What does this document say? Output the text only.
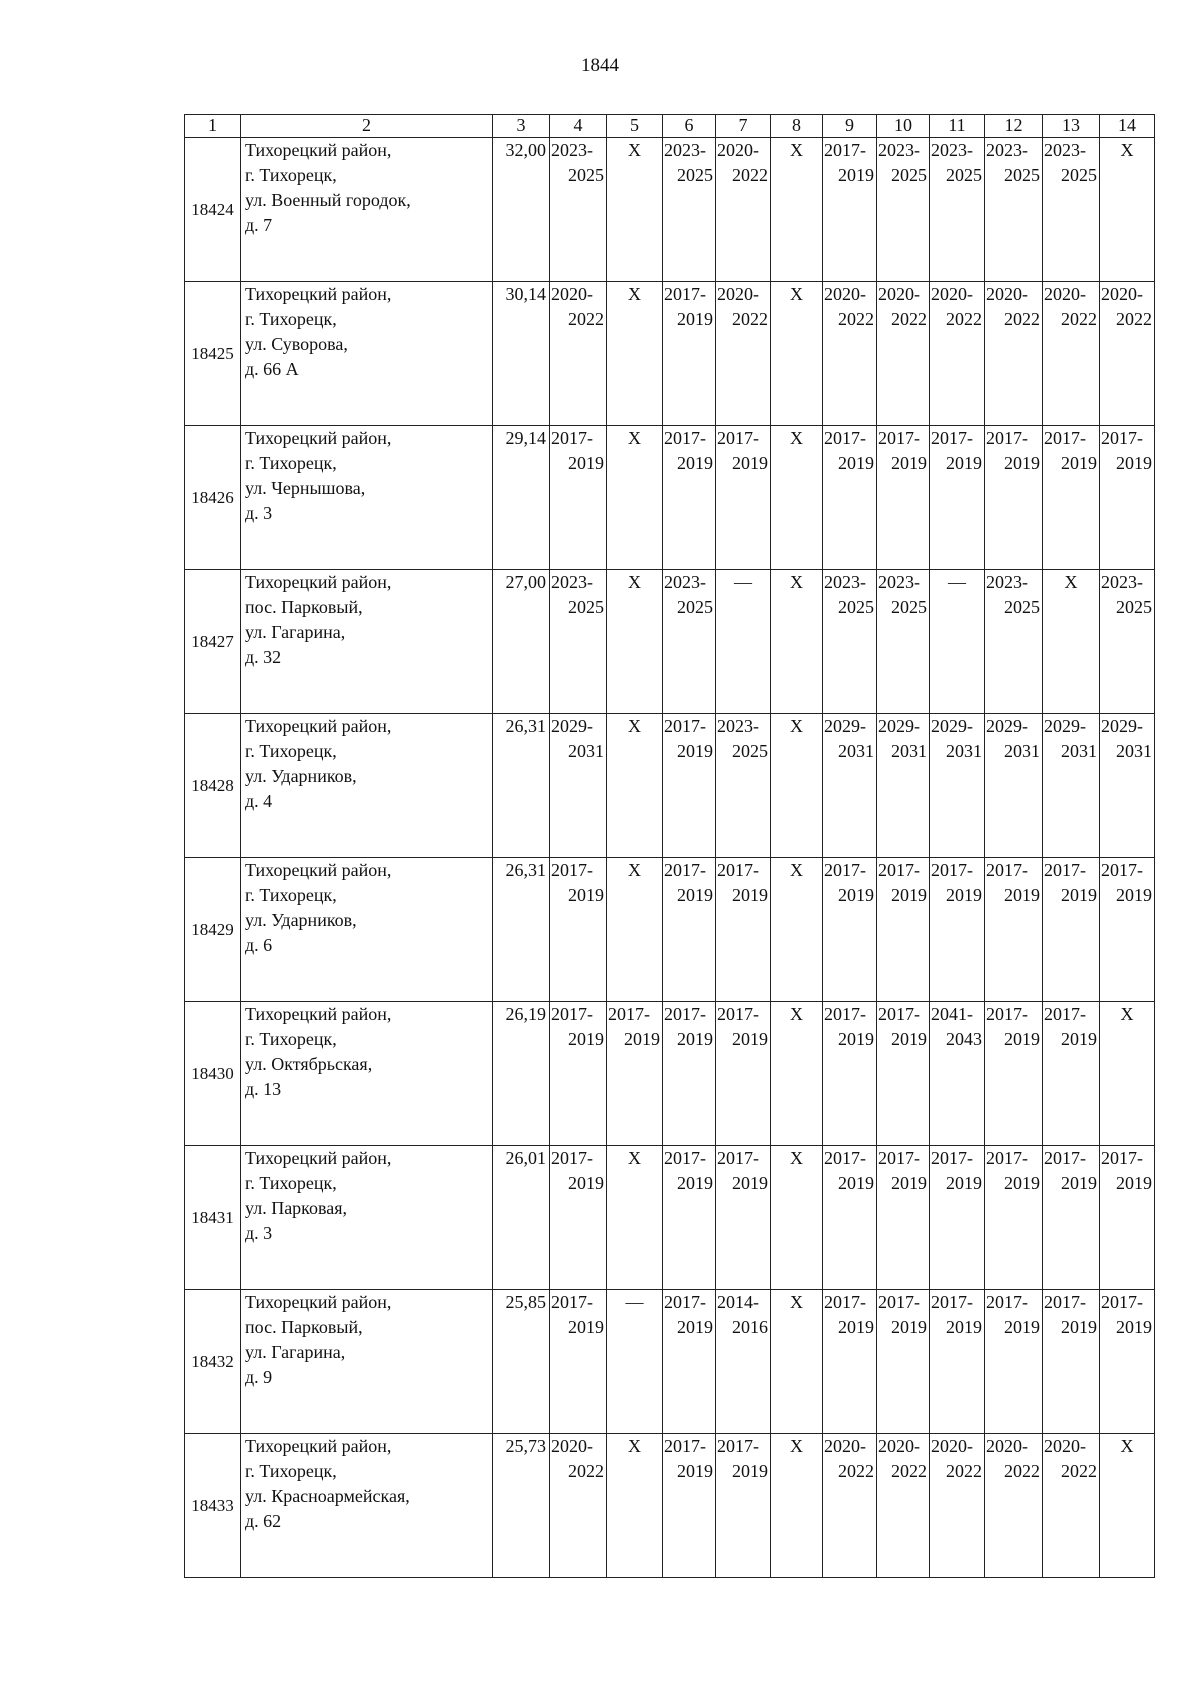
1844
1	2	3	4	5	6	7	8	9	10	11	12	13	14
18424	Тихорецкий район,
г. Тихорецк,
ул. Военный городок,
д. 7	32,00	2023-
2025	X	2023-
2025	2020-
2022	X	2017-
2019	2023-
2025	2023-
2025	2023-
2025	2023-
2025	X
18425	Тихорецкий район,
г. Тихорецк,
ул. Суворова,
д. 66 А	30,14	2020-
2022	X	2017-
2019	2020-
2022	X	2020-
2022	2020-
2022	2020-
2022	2020-
2022	2020-
2022	2020-
2022

18426	Тихорецкий район,
г. Тихорецк,
ул. Чернышова,
д. 3	29,14	2017-
2019	X	2017-
2019	2017-
2019	X	2017-
2019	2017-
2019	2017-
2019	2017-
2019	2017-
2019	2017-
2019

18427	Тихорецкий район,
пос. Парковый,
ул. Гагарина,
д. 32	27,00	2023-
2025	X	2023-
2025	—	X	2023-
2025	2023-
2025	—	2023-
2025	X	2023-
2025

18428	Тихорецкий район,
г. Тихорецк,
ул. Ударников,
д. 4	26,31	2029-
2031	X	2017-
2019	2023-
2025	X	2029-
2031	2029-
2031	2029-
2031	2029-
2031	2029-
2031	2029-
2031

18429	Тихорецкий район,
г. Тихорецк,
ул. Ударников,
д. 6	26,31	2017-
2019	X	2017-
2019	2017-
2019	X	2017-
2019	2017-
2019	2017-
2019	2017-
2019	2017-
2019	2017-
2019

18430	Тихорецкий район,
г. Тихорецк,
ул. Октябрьская,
д. 13	26,19	2017-
2019	2017-
2019	2017-
2019	2017-
2019	X	2017-
2019	2017-
2019	2041-
2043	2017-
2019	2017-
2019	X
18431	Тихорецкий район,
г. Тихорецк,
ул. Парковая,
д. 3	26,01	2017-
2019	X	2017-
2019	2017-
2019	X	2017-
2019	2017-
2019	2017-
2019	2017-
2019	2017-
2019	2017-
2019

18432	Тихорецкий район,
пос. Парковый,
ул. Гагарина,
д. 9	25,85	2017-
2019	—	2017-
2019	2014-
2016	X	2017-
2019	2017-
2019	2017-
2019	2017-
2019	2017-
2019	2017-
2019

18433	Тихорецкий район,
г. Тихорецк,
ул. Красноармейская,
д. 62	25,73	2020-
2022	X	2017-
2019	2017-
2019	X	2020-
2022	2020-
2022	2020-
2022	2020-
2022	2020-
2022	X
